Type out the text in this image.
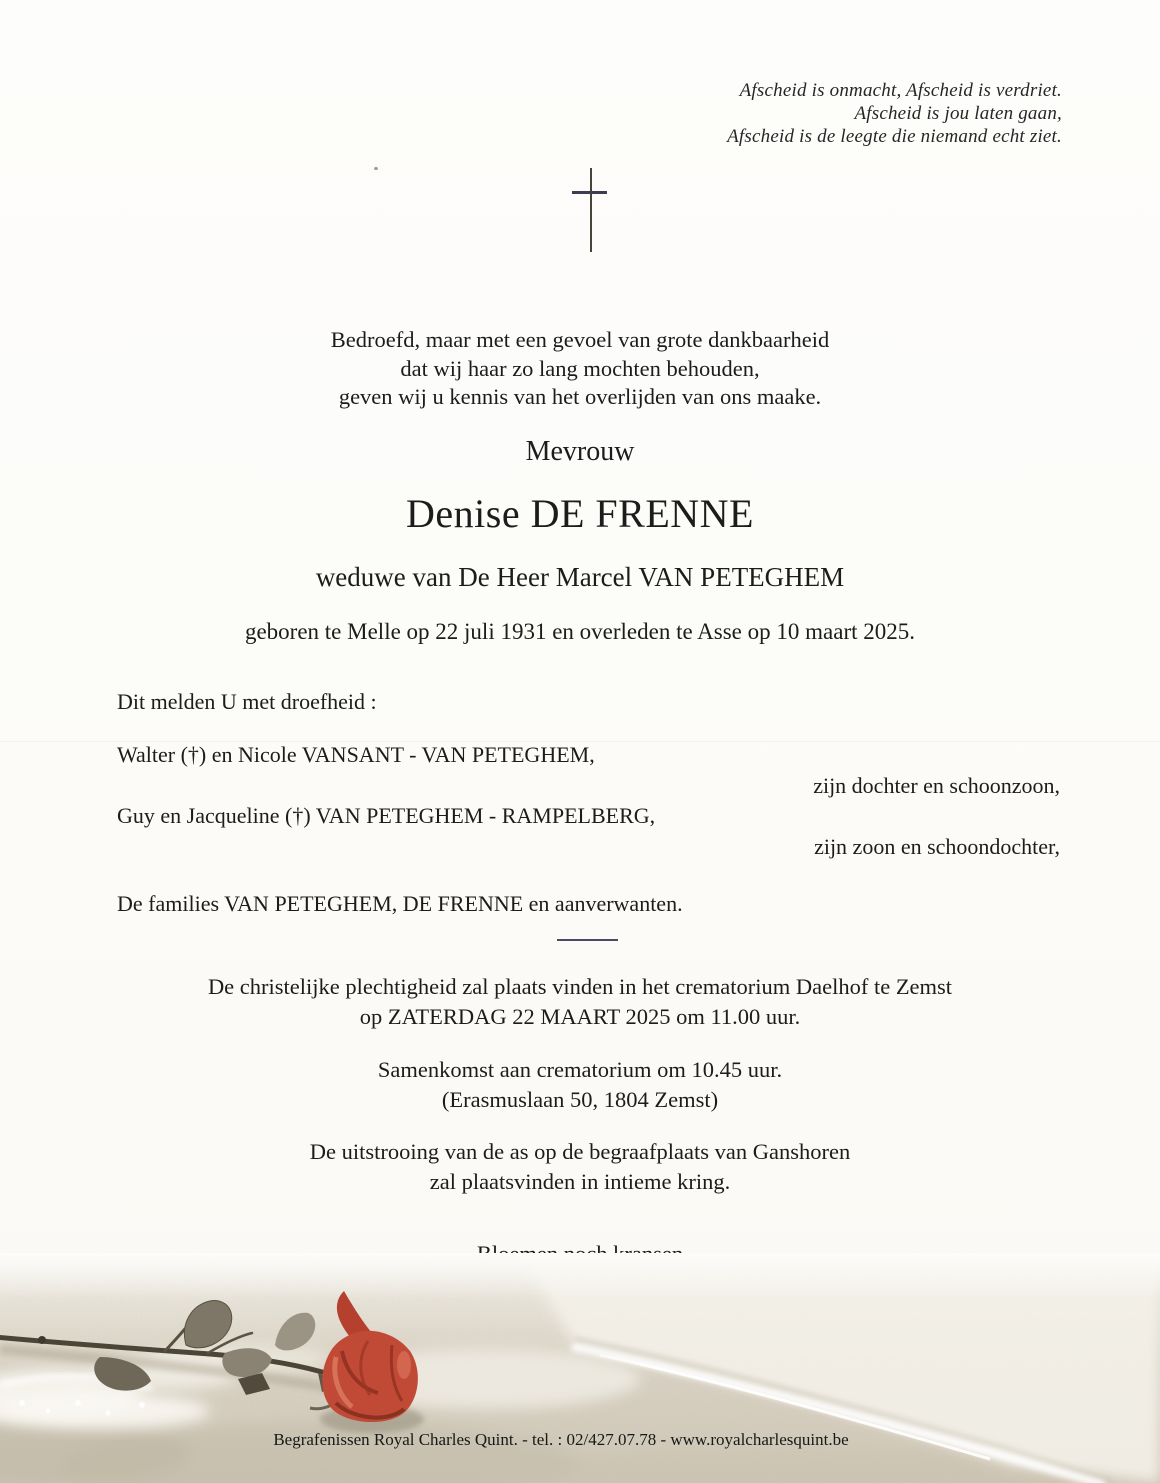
Afscheid is onmacht, Afscheid is verdriet.
Afscheid is jou laten gaan,
Afscheid is de leegte die niemand echt ziet.
Bedroefd, maar met een gevoel van grote dankbaarheid
dat wij haar zo lang mochten behouden,
geven wij u kennis van het overlijden van ons maake.
Mevrouw
Denise DE FRENNE
weduwe van De Heer Marcel VAN PETEGHEM
geboren te Melle op 22 juli 1931 en overleden te Asse op 10 maart 2025.
Dit melden U met droefheid :
Walter (†) en Nicole VANSANT - VAN PETEGHEM,
zijn dochter en schoonzoon,
Guy en Jacqueline (†) VAN PETEGHEM - RAMPELBERG,
zijn zoon en schoondochter,
De families VAN PETEGHEM, DE FRENNE en aanverwanten.
De christelijke plechtigheid zal plaats vinden in het crematorium Daelhof te Zemst
op ZATERDAG 22 MAART 2025 om 11.00 uur.
Samenkomst aan crematorium om 10.45 uur.
(Erasmuslaan 50, 1804 Zemst)
De uitstrooing van de as op de begraafplaats van Ganshoren
zal plaatsvinden in intieme kring.
Begrafenissen Royal Charles Quint. - tel. : 02/427.07.78 - www.royalcharlesquint.be
